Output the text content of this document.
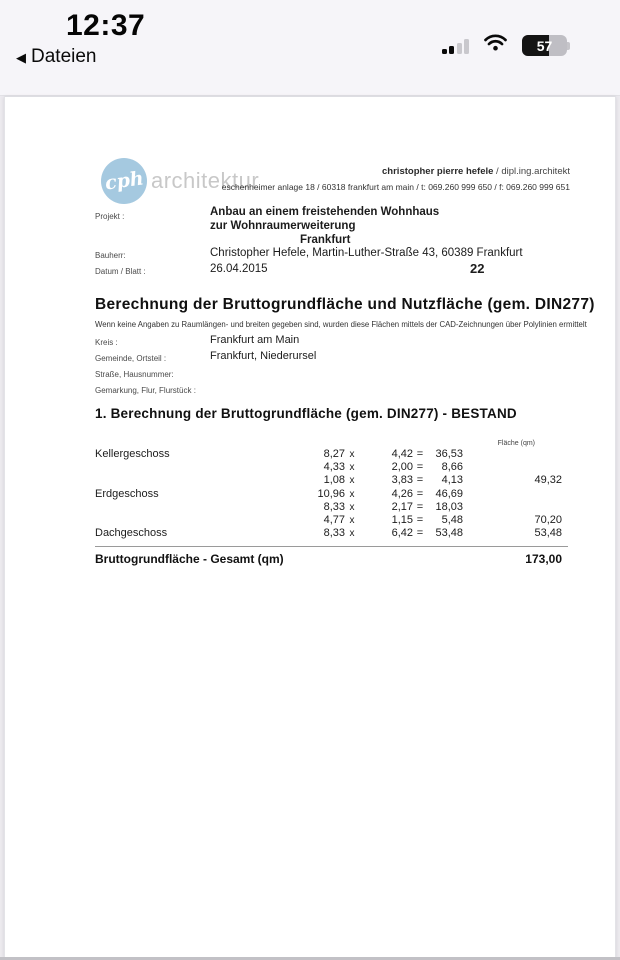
12:37
◀ Dateien
57
cph architektur	christopher pierre hefele / dipl.ing.architekt
eschenheimer anlage 18 / 60318 frankfurt am main / t: 069.260 999 650 / f: 069.260 999 651
Projekt :	Anbau an einem freistehenden Wohnhaus
zur Wohnraumerweiterung
Frankfurt
Bauherr:	Christopher Hefele, Martin-Luther-Straße 43, 60389 Frankfurt
Datum / Blatt :	26.04.2015	22
Berechnung der Bruttogrundfläche und Nutzfläche (gem. DIN277)
Wenn keine Angaben zu Raumlängen- und breiten gegeben sind, wurden diese Flächen mittels der CAD-Zeichnungen über Polylinien ermittelt
Kreis :	Frankfurt am Main
Gemeinde, Ortsteil :	Frankfurt, Niederursel
Straße, Hausnummer:
Gemarkung, Flur, Flurstück :
1. Berechnung der Bruttogrundfläche (gem. DIN277) - BESTAND
Fläche (qm)
Kellergeschoss	8,27 x	4,42 =	36,53
4,33 x	2,00 =	8,66
1,08 x	3,83 =	4,13	49,32
Erdgeschoss	10,96 x	4,26 =	46,69
8,33 x	2,17 =	18,03
4,77 x	1,15 =	5,48	70,20
Dachgeschoss	8,33 x	6,42 =	53,48	53,48
Bruttogrundfläche - Gesamt (qm)	173,00
